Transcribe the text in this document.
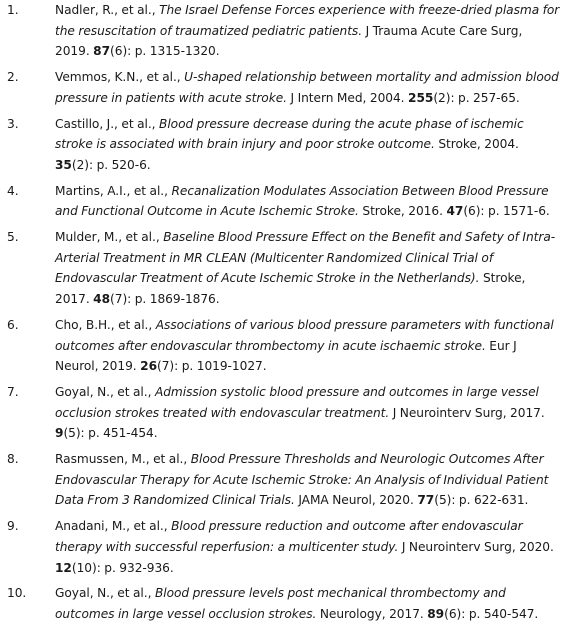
1.	Nadler, R., et al., The Israel Defense Forces experience with freeze-dried plasma for the resuscitation of traumatized pediatric patients. J Trauma Acute Care Surg, 2019. 87(6): p. 1315-1320.
2.	Vemmos, K.N., et al., U-shaped relationship between mortality and admission blood pressure in patients with acute stroke. J Intern Med, 2004. 255(2): p. 257-65.
3.	Castillo, J., et al., Blood pressure decrease during the acute phase of ischemic stroke is associated with brain injury and poor stroke outcome. Stroke, 2004. 35(2): p. 520-6.
4.	Martins, A.I., et al., Recanalization Modulates Association Between Blood Pressure and Functional Outcome in Acute Ischemic Stroke. Stroke, 2016. 47(6): p. 1571-6.
5.	Mulder, M., et al., Baseline Blood Pressure Effect on the Benefit and Safety of Intra-Arterial Treatment in MR CLEAN (Multicenter Randomized Clinical Trial of Endovascular Treatment of Acute Ischemic Stroke in the Netherlands). Stroke, 2017. 48(7): p. 1869-1876.
6.	Cho, B.H., et al., Associations of various blood pressure parameters with functional outcomes after endovascular thrombectomy in acute ischaemic stroke. Eur J Neurol, 2019. 26(7): p. 1019-1027.
7.	Goyal, N., et al., Admission systolic blood pressure and outcomes in large vessel occlusion strokes treated with endovascular treatment. J Neurointerv Surg, 2017. 9(5): p. 451-454.
8.	Rasmussen, M., et al., Blood Pressure Thresholds and Neurologic Outcomes After Endovascular Therapy for Acute Ischemic Stroke: An Analysis of Individual Patient Data From 3 Randomized Clinical Trials. JAMA Neurol, 2020. 77(5): p. 622-631.
9.	Anadani, M., et al., Blood pressure reduction and outcome after endovascular therapy with successful reperfusion: a multicenter study. J Neurointerv Surg, 2020. 12(10): p. 932-936.
10. Goyal, N., et al., Blood pressure levels post mechanical thrombectomy and outcomes in large vessel occlusion strokes. Neurology, 2017. 89(6): p. 540-547.
